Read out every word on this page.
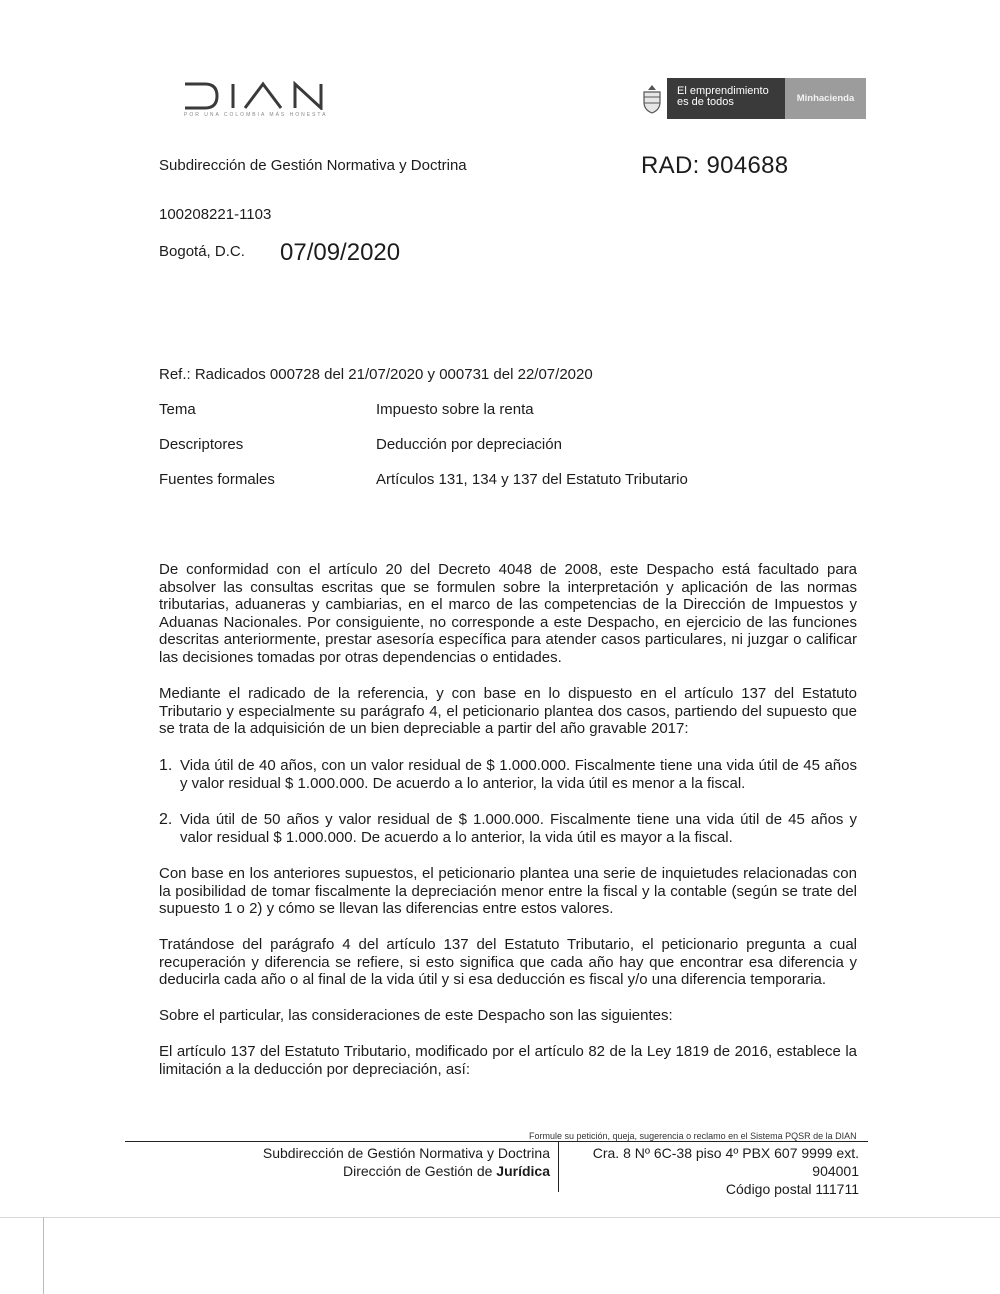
POR UNA COLOMBIA MÁS HONESTA
El emprendimiento
es de todos	Minhacienda
Subdirección de Gestión Normativa y Doctrina	RAD: 904688
100208221-1103
Bogotá, D.C. 07/09/2020
Ref.: Radicados 000728 del 21/07/2020 y 000731 del 22/07/2020
Tema	Impuesto sobre la renta
Descriptores	Deducción por depreciación
Fuentes formales	Artículos 131, 134 y 137 del Estatuto Tributario

De conformidad con el artículo 20 del Decreto 4048 de 2008, este Despacho está facultado para absolver las consultas escritas que se formulen sobre la interpretación y aplicación de las normas tributarias, aduaneras y cambiarias, en el marco de las competencias de la Dirección de Impuestos y Aduanas Nacionales. Por consiguiente, no corresponde a este Despacho, en ejercicio de las funciones descritas anteriormente, prestar asesoría específica para atender casos particulares, ni juzgar o calificar las decisiones tomadas por otras dependencias o entidades.

Mediante el radicado de la referencia, y con base en lo dispuesto en el artículo 137 del Estatuto Tributario y especialmente su parágrafo 4, el peticionario plantea dos casos, partiendo del supuesto que se trata de la adquisición de un bien depreciable a partir del año gravable 2017:

1. Vida útil de 40 años, con un valor residual de $ 1.000.000. Fiscalmente tiene una vida útil de 45 años y valor residual $ 1.000.000. De acuerdo a lo anterior, la vida útil es menor a la fiscal.
2. Vida útil de 50 años y valor residual de $ 1.000.000. Fiscalmente tiene una vida útil de 45 años y valor residual $ 1.000.000. De acuerdo a lo anterior, la vida útil es mayor a la fiscal.

Con base en los anteriores supuestos, el peticionario plantea una serie de inquietudes relacionadas con la posibilidad de tomar fiscalmente la depreciación menor entre la fiscal y la contable (según se trate del supuesto 1 o 2) y cómo se llevan las diferencias entre estos valores.

Tratándose del parágrafo 4 del artículo 137 del Estatuto Tributario, el peticionario pregunta a cual recuperación y diferencia se refiere, si esto significa que cada año hay que encontrar esa diferencia y deducirla cada año o al final de la vida útil y si esa deducción es fiscal y/o una diferencia temporaria.

Sobre el particular, las consideraciones de este Despacho son las siguientes:

El artículo 137 del Estatuto Tributario, modificado por el artículo 82 de la Ley 1819 de 2016, establece la limitación a la deducción por depreciación, así:

Formule su petición, queja, sugerencia o reclamo en el Sistema PQSR de la DIAN
Subdirección de Gestión Normativa y Doctrina
Dirección de Gestión de Jurídica
Cra. 8 Nº 6C-38 piso 4º PBX 607 9999 ext.
904001
Código postal 111711
